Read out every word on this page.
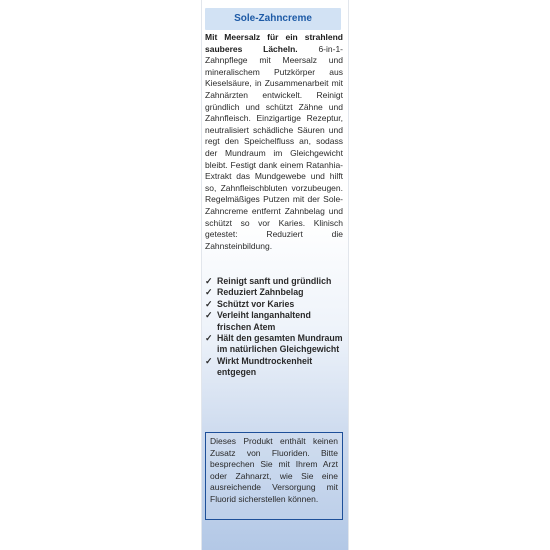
Sole-Zahncreme
Mit Meersalz für ein strahlend sauberes Lächeln. 6-in-1-Zahnpflege mit Meersalz und mineralischem Putzkörper aus Kieselsäure, in Zusammenarbeit mit Zahnärzten entwickelt. Reinigt gründlich und schützt Zähne und Zahnfleisch. Einzigartige Rezeptur, neutralisiert schädliche Säuren und regt den Speichelfluss an, sodass der Mundraum im Gleichgewicht bleibt. Festigt dank einem Ratanhia-Extrakt das Mundgewebe und hilft so, Zahnfleischbluten vorzubeugen. Regelmäßiges Putzen mit der Sole-Zahncreme entfernt Zahnbelag und schützt so vor Karies. Klinisch getestet: Reduziert die Zahnsteinbildung.
✓ Reinigt sanft und gründlich
✓ Reduziert Zahnbelag
✓ Schützt vor Karies
✓ Verleiht langanhaltend frischen Atem
✓ Hält den gesamten Mundraum im natürlichen Gleichgewicht
✓ Wirkt Mundtrockenheit entgegen
Dieses Produkt enthält keinen Zusatz von Fluoriden. Bitte besprechen Sie mit Ihrem Arzt oder Zahnarzt, wie Sie eine ausreichende Versorgung mit Fluorid sicherstellen können.
